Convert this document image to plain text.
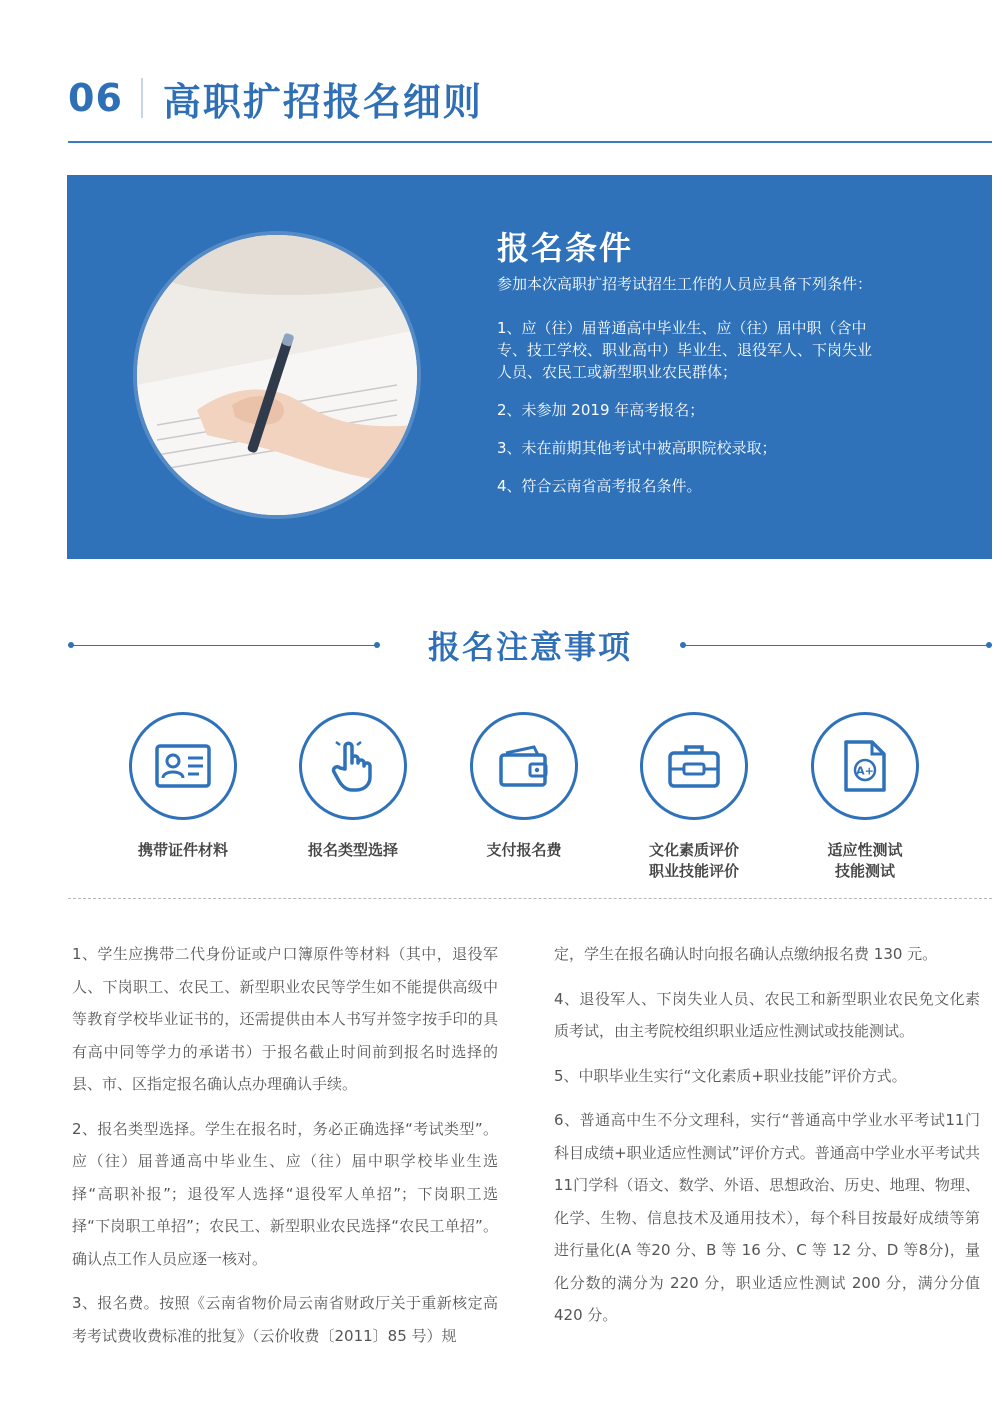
06 高职扩招报名细则
报名条件
参加本次高职扩招考试招生工作的人员应具备下列条件：
1、应（往）届普通高中毕业生、应（往）届中职（含中专、技工学校、职业高中）毕业生、退役军人、下岗失业人员、农民工或新型职业农民群体；
2、未参加 2019 年高考报名；
3、未在前期其他考试中被高职院校录取；
4、符合云南省高考报名条件。
报名注意事项
携带证件材料	报名类型选择	支付报名费	文化素质评价
职业技能评价
A+
适应性测试
技能测试

1、学生应携带二代身份证或户口簿原件等材料（其中，退役军人、下岗职工、农民工、新型职业农民等学生如不能提供高级中等教育学校毕业证书的，还需提供由本人书写并签字按手印的具有高中同等学力的承诺书）于报名截止时间前到报名时选择的县、市、区指定报名确认点办理确认手续。

2、报名类型选择。学生在报名时，务必正确选择“考试类型”。应（往）届普通高中毕业生、应（往）届中职学校毕业生选择“高职补报”；退役军人选择“退役军人单招”；下岗职工选择“下岗职工单招”；农民工、新型职业农民选择“农民工单招”。确认点工作人员应逐一核对。

3、报名费。按照《云南省物价局云南省财政厅关于重新核定高考考试费收费标准的批复》（云价收费〔2011〕85 号）规

定，学生在报名确认时向报名确认点缴纳报名费 130 元。

4、退役军人、下岗失业人员、农民工和新型职业农民免文化素质考试，由主考院校组织职业适应性测试或技能测试。

5、中职毕业生实行“文化素质+职业技能”评价方式。

6、普通高中生不分文理科，实行“普通高中学业水平考试11门科目成绩+职业适应性测试”评价方式。普通高中学业水平考试共11门学科（语文、数学、外语、思想政治、历史、地理、物理、化学、生物、信息技术及通用技术），每个科目按最好成绩等第进行量化(A 等20 分、B 等 16 分、C 等 12 分、D 等8分)，量化分数的满分为 220 分，职业适应性测试 200 分，满分分值420 分。
